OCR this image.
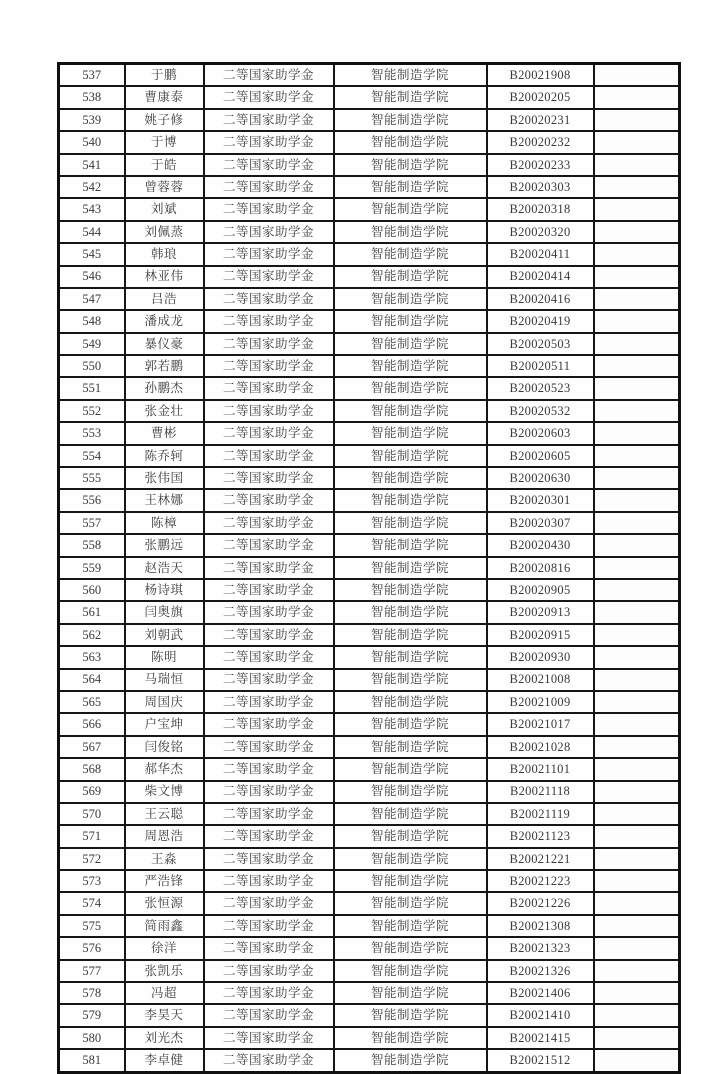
537	于鹏	二等国家助学金	智能制造学院	B20021908	
538	曹康泰	二等国家助学金	智能制造学院	B20020205	
539	姚子修	二等国家助学金	智能制造学院	B20020231	
540	于博	二等国家助学金	智能制造学院	B20020232	
541	于皓	二等国家助学金	智能制造学院	B20020233	
542	曾蓉蓉	二等国家助学金	智能制造学院	B20020303	
543	刘斌	二等国家助学金	智能制造学院	B20020318	
544	刘佩蒸	二等国家助学金	智能制造学院	B20020320	
545	韩琅	二等国家助学金	智能制造学院	B20020411	
546	林亚伟	二等国家助学金	智能制造学院	B20020414	
547	吕浩	二等国家助学金	智能制造学院	B20020416	
548	潘成龙	二等国家助学金	智能制造学院	B20020419	
549	暴仪豪	二等国家助学金	智能制造学院	B20020503	
550	郭若鹏	二等国家助学金	智能制造学院	B20020511	
551	孙鹏杰	二等国家助学金	智能制造学院	B20020523	
552	张金壮	二等国家助学金	智能制造学院	B20020532	
553	曹彬	二等国家助学金	智能制造学院	B20020603	
554	陈乔轲	二等国家助学金	智能制造学院	B20020605	
555	张伟国	二等国家助学金	智能制造学院	B20020630	
556	王林娜	二等国家助学金	智能制造学院	B20020301	
557	陈樟	二等国家助学金	智能制造学院	B20020307	
558	张鹏远	二等国家助学金	智能制造学院	B20020430	
559	赵浩天	二等国家助学金	智能制造学院	B20020816	
560	杨诗琪	二等国家助学金	智能制造学院	B20020905	
561	闫奥旗	二等国家助学金	智能制造学院	B20020913	
562	刘朝武	二等国家助学金	智能制造学院	B20020915	
563	陈明	二等国家助学金	智能制造学院	B20020930	
564	马瑞恒	二等国家助学金	智能制造学院	B20021008	
565	周国庆	二等国家助学金	智能制造学院	B20021009	
566	户宝坤	二等国家助学金	智能制造学院	B20021017	
567	闫俊铭	二等国家助学金	智能制造学院	B20021028	
568	郝华杰	二等国家助学金	智能制造学院	B20021101	
569	柴文博	二等国家助学金	智能制造学院	B20021118	
570	王云聪	二等国家助学金	智能制造学院	B20021119	
571	周恩浩	二等国家助学金	智能制造学院	B20021123	
572	王淼	二等国家助学金	智能制造学院	B20021221	
573	严浩锋	二等国家助学金	智能制造学院	B20021223	
574	张恒源	二等国家助学金	智能制造学院	B20021226	
575	简雨鑫	二等国家助学金	智能制造学院	B20021308	
576	徐洋	二等国家助学金	智能制造学院	B20021323	
577	张凯乐	二等国家助学金	智能制造学院	B20021326	
578	冯超	二等国家助学金	智能制造学院	B20021406	
579	李昊天	二等国家助学金	智能制造学院	B20021410	
580	刘光杰	二等国家助学金	智能制造学院	B20021415	
581	李卓健	二等国家助学金	智能制造学院	B20021512	
